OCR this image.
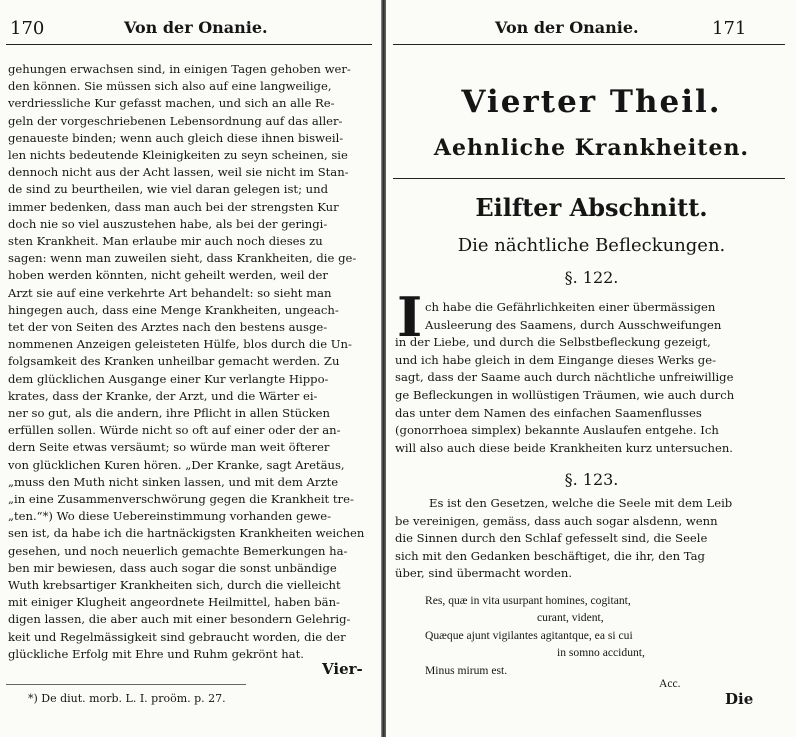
170	Von der Onanie.
gehungen erwachsen sind, in einigen Tagen gehoben wer-
den können. Sie müssen sich also auf eine langweilige,
verdriessliche Kur gefasst machen, und sich an alle Re-
geln der vorgeschriebenen Lebensordnung auf das aller-
genaueste binden; wenn auch gleich diese ihnen bisweil-
len nichts bedeutende Kleinigkeiten zu seyn scheinen, sie
dennoch nicht aus der Acht lassen, weil sie nicht im Stan-
de sind zu beurtheilen, wie viel daran gelegen ist; und
immer bedenken, dass man auch bei der strengsten Kur
doch nie so viel auszustehen habe, als bei der geringi-
sten Krankheit. Man erlaube mir auch noch dieses zu
sagen: wenn man zuweilen sieht, dass Krankheiten, die ge-
hoben werden könnten, nicht geheilt werden, weil der
Arzt sie auf eine verkehrte Art behandelt: so sieht man
hingegen auch, dass eine Menge Krankheiten, ungeach-
tet der von Seiten des Arztes nach den bestens ausge-
nommenen Anzeigen geleisteten Hülfe, blos durch die Un-
folgsamkeit des Kranken unheilbar gemacht werden. Zu
dem glücklichen Ausgange einer Kur verlangte Hippo-
krates, dass der Kranke, der Arzt, und die Wärter ei-
ner so gut, als die andern, ihre Pflicht in allen Stücken
erfüllen sollen. Würde nicht so oft auf einer oder der an-
dern Seite etwas versäumt; so würde man weit öfterer
von glücklichen Kuren hören. „Der Kranke, sagt Aretäus,
„muss den Muth nicht sinken lassen, und mit dem Arzte
„in eine Zusammenverschwörung gegen die Krankheit tre-
„ten.“*) Wo diese Uebereinstimmung vorhanden gewe-
sen ist, da habe ich die hartnäckigsten Krankheiten weichen
gesehen, und noch neuerlich gemachte Bemerkungen ha-
ben mir bewiesen, dass auch sogar die sonst unbändige
Wuth krebsartiger Krankheiten sich, durch die vielleicht
mit einiger Klugheit angeordnete Heilmittel, haben bän-
digen lassen, die aber auch mit einer besondern Gelehrig-
keit und Regelmässigkeit sind gebraucht worden, die der
glückliche Erfolg mit Ehre und Ruhm gekrönt hat.
Vier-
*) De diut. morb. L. I. proöm. p. 27.
Von der Onanie.	171
Vierter Theil.
Aehnliche Krankheiten.
Eilfter Abschnitt.
Die nächtliche Befleckungen.
§. 122.
I ch habe die Gefährlichkeiten einer übermässigen
Ausleerung des Saamens, durch Ausschweifungen
in der Liebe, und durch die Selbstbefleckung gezeigt,
und ich habe gleich in dem Eingange dieses Werks ge-
sagt, dass der Saame auch durch nächtliche unfreiwillige
ge Befleckungen in wollüstigen Träumen, wie auch durch
das unter dem Namen des einfachen Saamenflusses
(gonorrhoea simplex) bekannte Auslaufen entgehe. Ich
will also auch diese beide Krankheiten kurz untersuchen.
§. 123.
Es ist den Gesetzen, welche die Seele mit dem Leib
be vereinigen, gemäss, dass auch sogar alsdenn, wenn
die Sinnen durch den Schlaf gefesselt sind, die Seele
sich mit den Gedanken beschäftiget, die ihr, den Tag
über, sind übermacht worden.
Res, quæ in vita usurpant homines, cogitant,
curant, vident,
Quæque ajunt vigilantes agitantque, ea si cui
in somno accidunt,
Minus mirum est.
Acc.
Die
